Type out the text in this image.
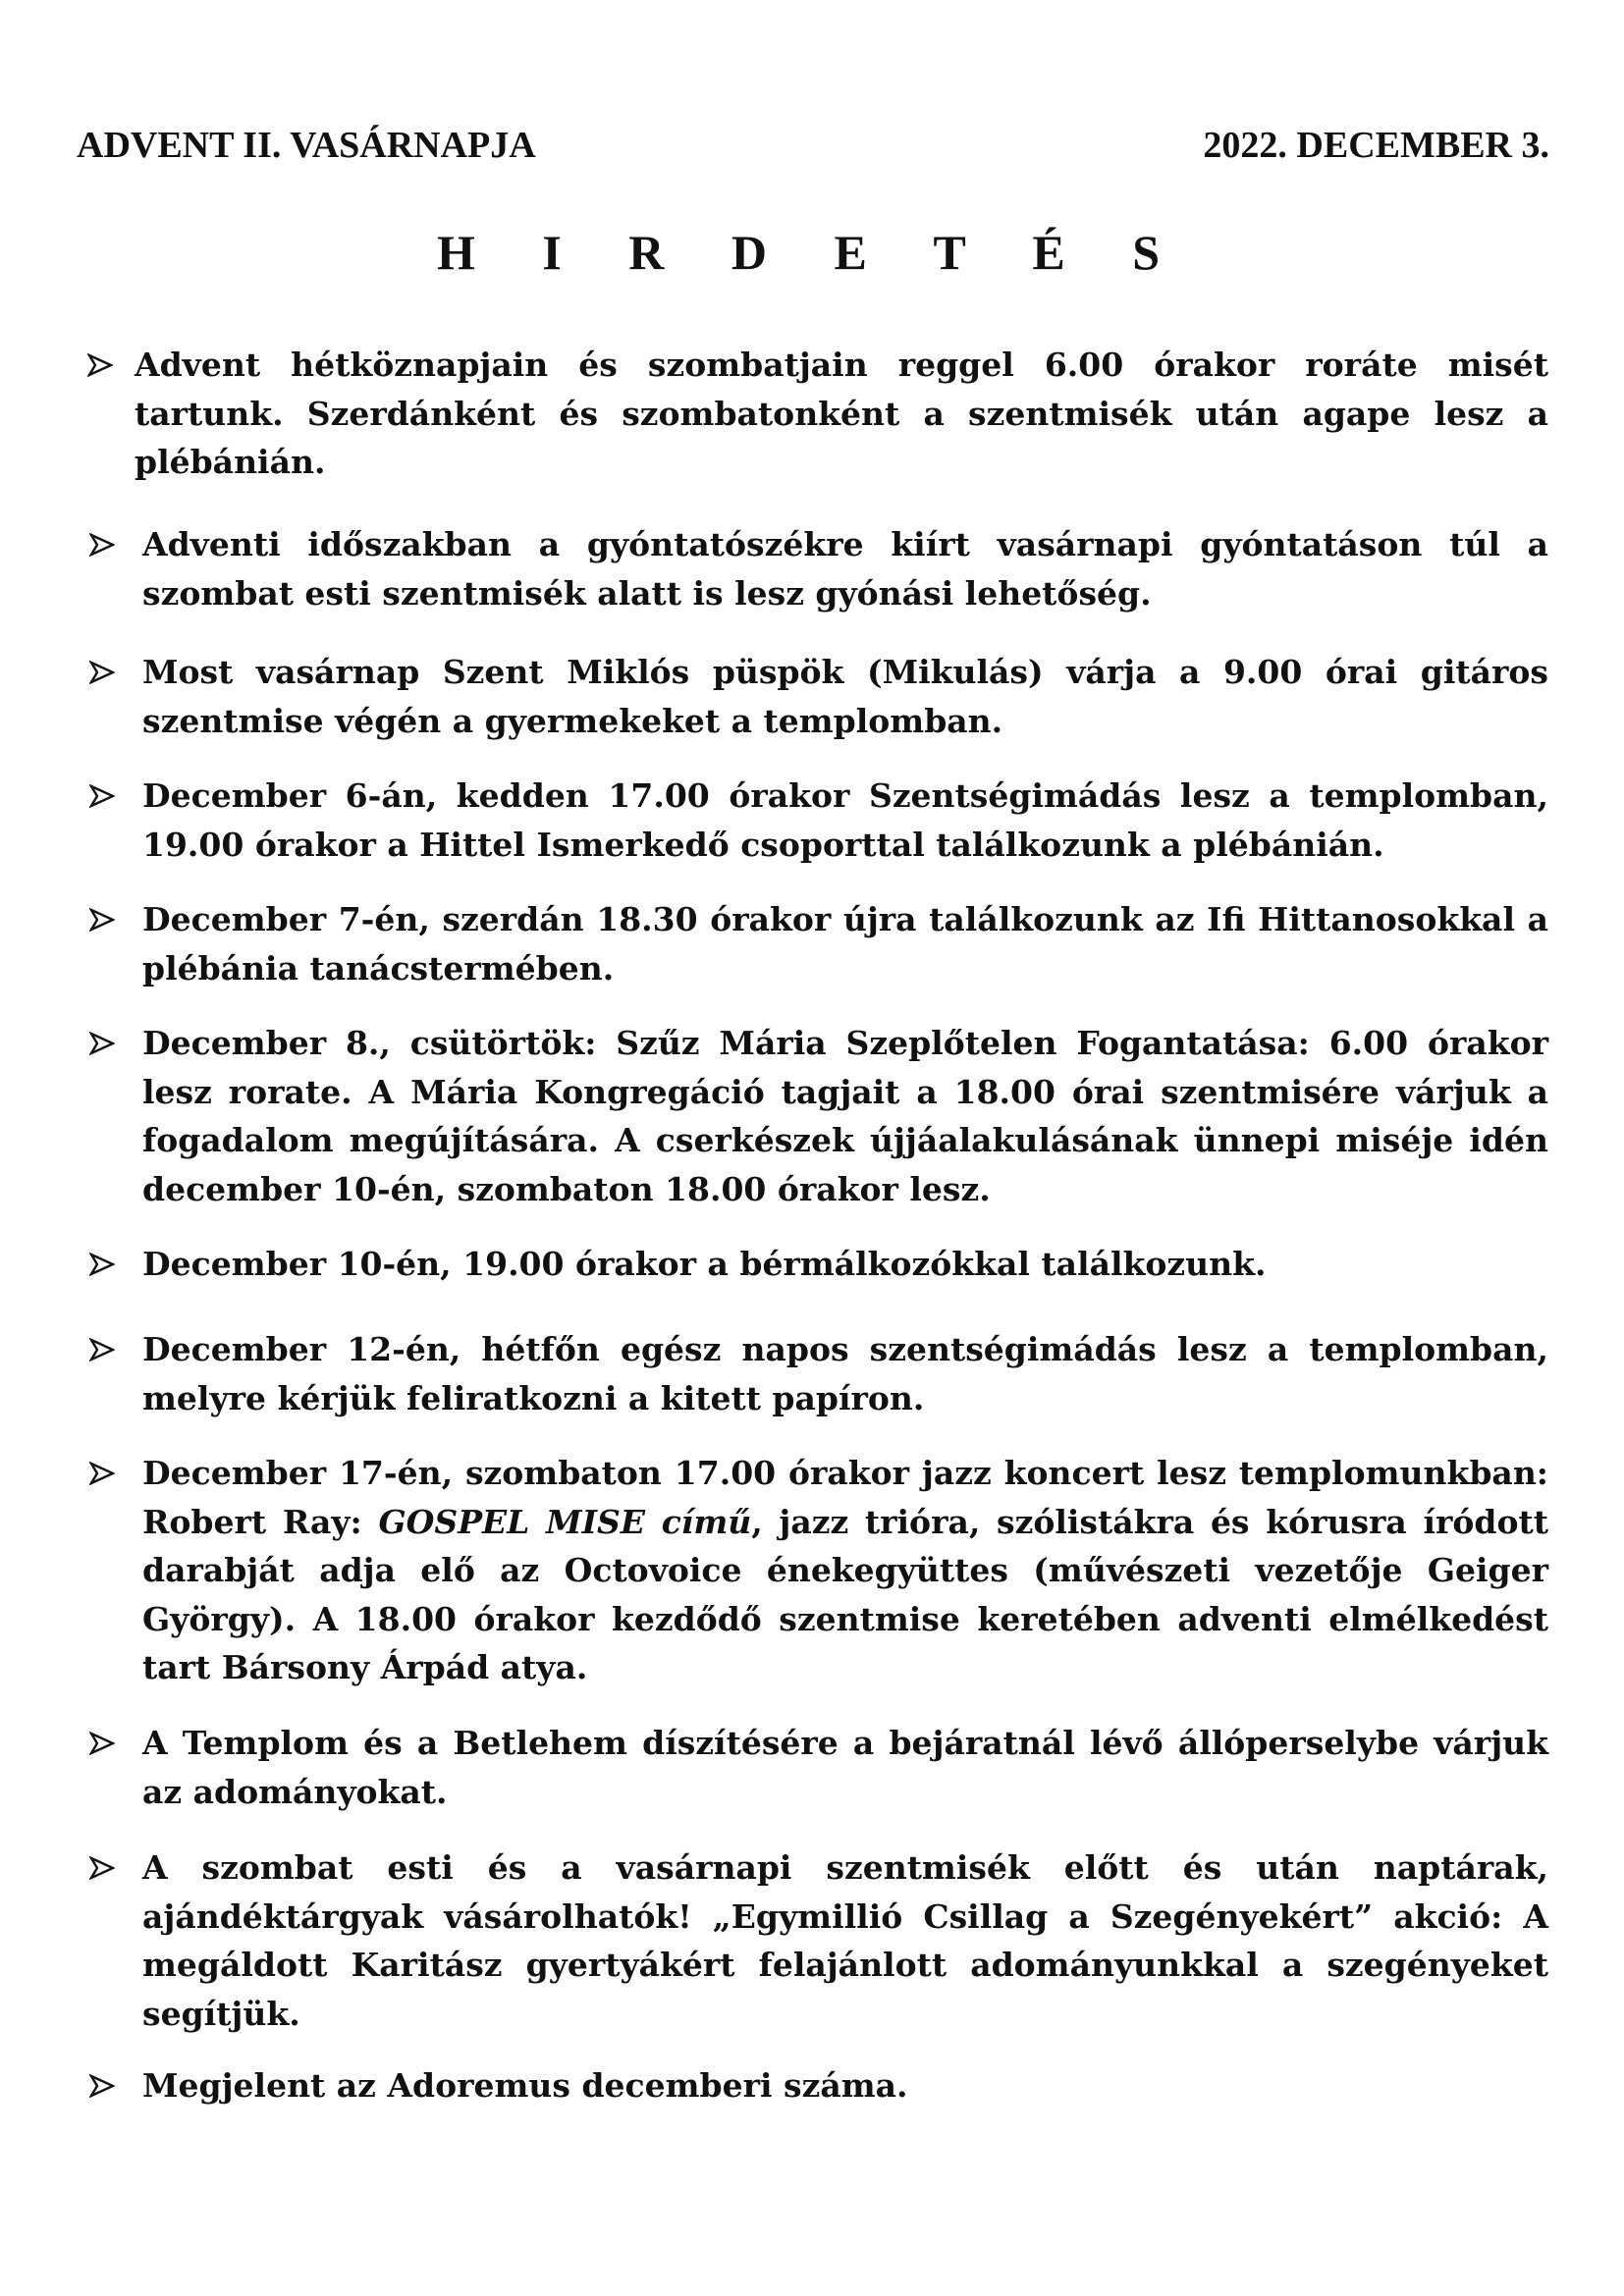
ADVENT II. VASÁRNAPJA	2022. DECEMBER 3.
H I R D E T É S
Advent hétköznapjain és szombatjain reggel 6.00 órakor roráte misét tartunk. Szerdánként és szombatonként a szentmisék után agape lesz a plébánián.
Adventi időszakban a gyóntatószékre kiírt vasárnapi gyóntatáson túl a szombat esti szentmisék alatt is lesz gyónási lehetőség.
Most vasárnap Szent Miklós püspök (Mikulás) várja a 9.00 órai gitáros szentmise végén a gyermekeket a templomban.
December 6-án, kedden 17.00 órakor Szentségimádás lesz a templomban, 19.00 órakor a Hittel Ismerkedő csoporttal találkozunk a plébánián.
December 7-én, szerdán 18.30 órakor újra találkozunk az Ifi Hittanosokkal a plébánia tanácstermében.
December 8., csütörtök: Szűz Mária Szeplőtelen Fogantatása: 6.00 órakor lesz rorate. A Mária Kongregáció tagjait a 18.00 órai szentmisére várjuk a fogadalom megújítására. A cserkészek újjáalakulásának ünnepi miséje idén december 10-én, szombaton 18.00 órakor lesz.
December 10-én, 19.00 órakor a bérmálkozókkal találkozunk.
December 12-én, hétfőn egész napos szentségimádás lesz a templomban, melyre kérjük feliratkozni a kitett papíron.
December 17-én, szombaton 17.00 órakor jazz koncert lesz templomunkban: Robert Ray: GOSPEL MISE című, jazz trióra, szólistákra és kórusra íródott darabját adja elő az Octovoice énekegyüttes (művészeti vezetője Geiger György). A 18.00 órakor kezdődő szentmise keretében adventi elmélkedést tart Bársony Árpád atya.
A Templom és a Betlehem díszítésére a bejáratnál lévő állóperselybe várjuk az adományokat.
A szombat esti és a vasárnapi szentmisék előtt és után naptárak, ajándéktárgyak vásárolhatók! „Egymillió Csillag a Szegényekért” akció: A megáldott Karitász gyertyákért felajánlott adományunkkal a szegényeket segítjük.
Megjelent az Adoremus decemberi száma.
